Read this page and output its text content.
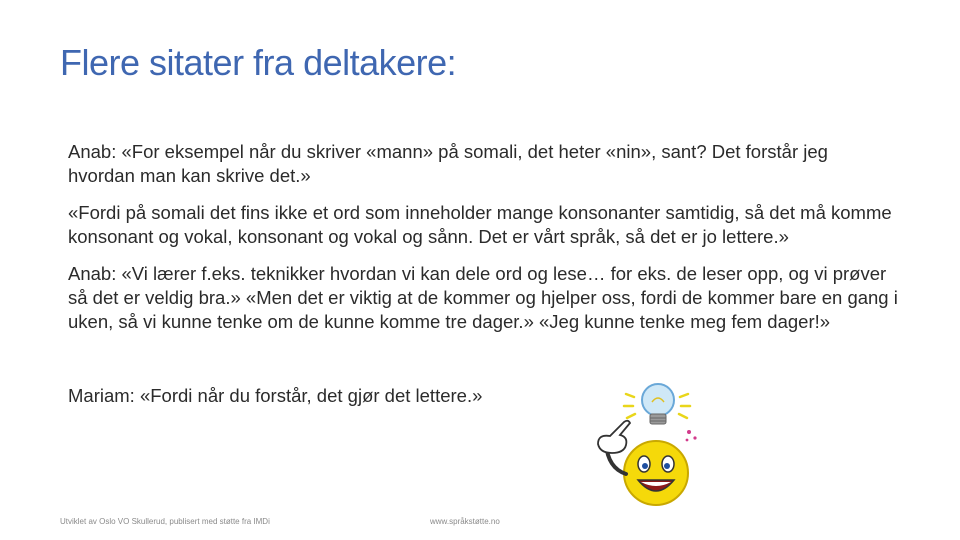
Flere sitater fra deltakere:

Anab: «For eksempel når du skriver «mann» på somali, det heter «nin», sant? Det forstår jeg hvordan man kan skrive det.»

«Fordi på somali det fins ikke et ord som inneholder mange konsonanter samtidig, så det må komme konsonant og vokal, konsonant og vokal og sånn. Det er vårt språk, så det er jo lettere.»

Anab: «Vi lærer f.eks. teknikker hvordan vi kan dele ord og lese… for eks. de leser opp, og vi prøver så det er veldig bra.» «Men det er viktig at de kommer og hjelper oss, fordi de kommer bare en gang i uken, så vi kunne tenke om de kunne komme tre dager.» «Jeg kunne tenke meg fem dager!»

Mariam: «Fordi når du forstår, det gjør det lettere.»

Utviklet av Oslo VO Skullerud, publisert med støtte fra IMDi	www.språkstøtte.no
